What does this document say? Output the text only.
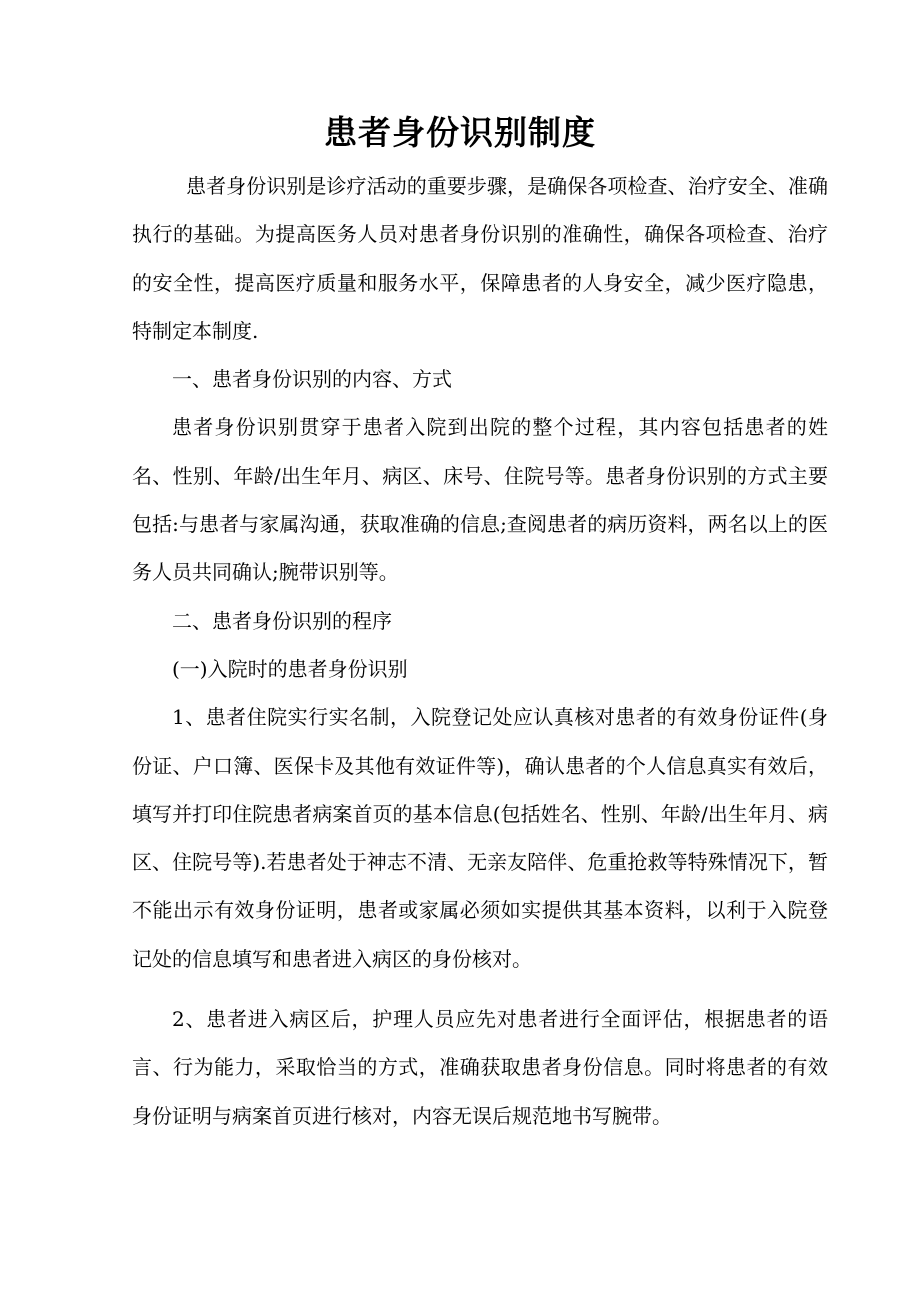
患者身份识别制度

患者身份识别是诊疗活动的重要步骤，是确保各项检查、治疗安全、准确执行的基础。为提高医务人员对患者身份识别的准确性，确保各项检查、治疗的安全性，提高医疗质量和服务水平，保障患者的人身安全，减少医疗隐患，特制定本制度.

一、患者身份识别的内容、方式

患者身份识别贯穿于患者入院到出院的整个过程，其内容包括患者的姓名、性别、年龄/出生年月、病区、床号、住院号等。患者身份识别的方式主要包括:与患者与家属沟通，获取准确的信息;查阅患者的病历资料，两名以上的医务人员共同确认;腕带识别等。

二、患者身份识别的程序

(一)入院时的患者身份识别

1、患者住院实行实名制，入院登记处应认真核对患者的有效身份证件(身份证、户口簿、医保卡及其他有效证件等)，确认患者的个人信息真实有效后，填写并打印住院患者病案首页的基本信息(包括姓名、性别、年龄/出生年月、病区、住院号等).若患者处于神志不清、无亲友陪伴、危重抢救等特殊情况下，暂不能出示有效身份证明，患者或家属必须如实提供其基本资料，以利于入院登记处的信息填写和患者进入病区的身份核对。

2、患者进入病区后，护理人员应先对患者进行全面评估，根据患者的语言、行为能力，采取恰当的方式，准确获取患者身份信息。同时将患者的有效身份证明与病案首页进行核对，内容无误后规范地书写腕带。
